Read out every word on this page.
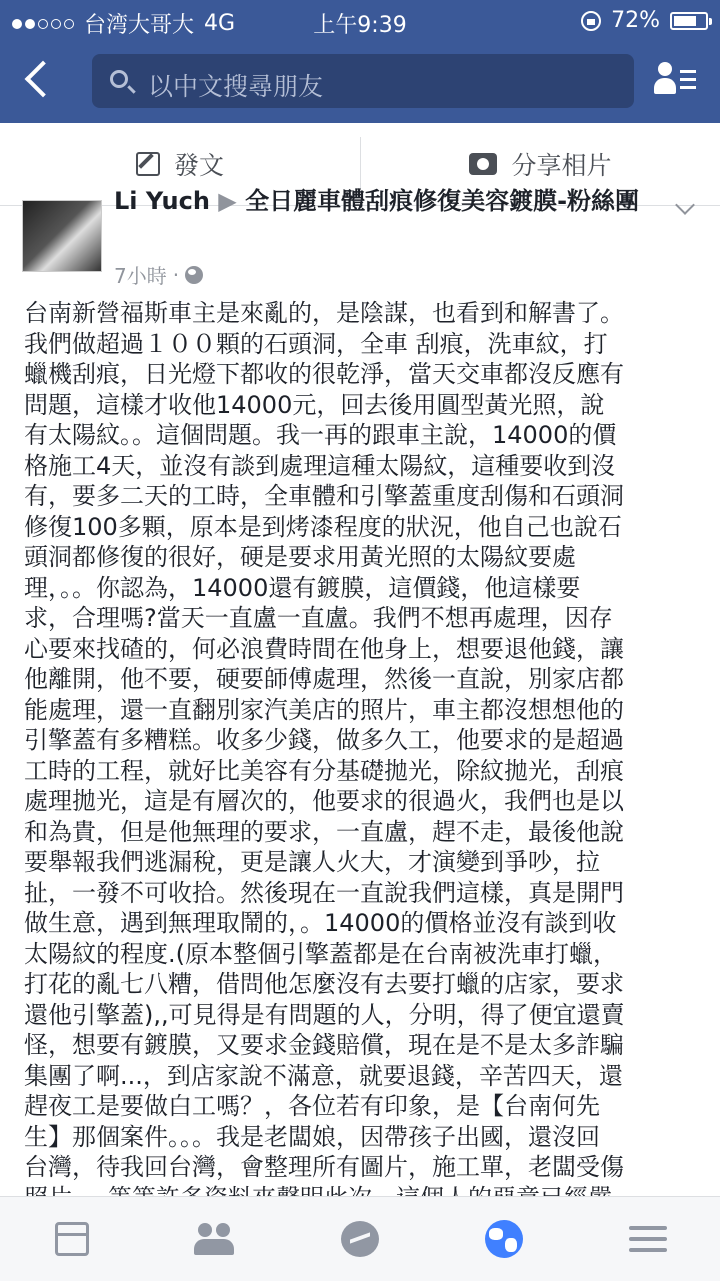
台湾大哥大 4G	上午9:39	72%
以中文搜尋朋友
發文	分享相片
Li Yuch ▶ 全日麗車體刮痕修復美容鍍膜-粉絲團
7小時 ·
台南新營福斯車主是來亂的，是陰謀，也看到和解書了。
我們做超過１００顆的石頭洞，全車 刮痕，洗車紋，打
蠟機刮痕，日光燈下都收的很乾淨，當天交車都沒反應有
問題，這樣才收他14000元，回去後用圓型黃光照，說
有太陽紋。。這個問題。我一再的跟車主說，14000的價
格施工4天，並沒有談到處理這種太陽紋，這種要收到沒
有，要多二天的工時，全車體和引擎蓋重度刮傷和石頭洞
修復100多顆，原本是到烤漆程度的狀況，他自己也說石
頭洞都修復的很好，硬是要求用黃光照的太陽紋要處
理，。。你認為，14000還有鍍膜，這價錢，他這樣要
求，合理嗎?當天一直盧一直盧。我們不想再處理，因存
心要來找碴的，何必浪費時間在他身上，想要退他錢，讓
他離開，他不要，硬要師傅處理，然後一直說，別家店都
能處理，還一直翻別家汽美店的照片，車主都沒想想他的
引擎蓋有多糟糕。收多少錢，做多久工，他要求的是超過
工時的工程，就好比美容有分基礎拋光，除紋拋光，刮痕
處理拋光，這是有層次的，他要求的很過火，我們也是以
和為貴，但是他無理的要求，一直盧，趕不走，最後他說
要舉報我們逃漏稅，更是讓人火大，才演變到爭吵，拉
扯，一發不可收拾。然後現在一直說我們這樣，真是開門
做生意，遇到無理取鬧的，。14000的價格並沒有談到收
太陽紋的程度.(原本整個引擎蓋都是在台南被洗車打蠟，
打花的亂七八糟，借問他怎麼沒有去要打蠟的店家，要求
還他引擎蓋),,可見得是有問題的人，分明，得了便宜還賣
怪，想要有鍍膜，又要求金錢賠償，現在是不是太多詐騙
集團了啊...，到店家說不滿意，就要退錢，辛苦四天，還
趕夜工是要做白工嗎？，各位若有印象，是【台南何先
生】那個案件。。。我是老闆娘，因帶孩子出國，還沒回
台灣，待我回台灣，會整理所有圖片，施工單，老闆受傷
